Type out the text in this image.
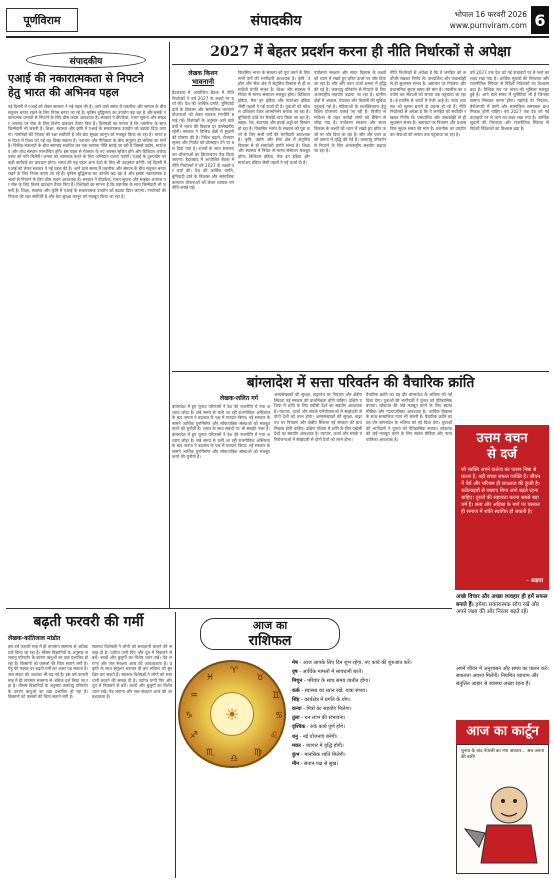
पूर्णविराम	संपादकीय	भोपाल 16 फरवरी 2026
www.purnviram.com 6
संपादकीय
एआई की नकारात्मकता से निपटने हेतु भारत की अभिनव पहल
नई दिल्ली में एआई को लेकर सरकार ने नई पहल की है। आने वाले समय में तकनीक और समाज के बीच संतुलन बनाए रखने के लिए नियम बनाए जा रहे हैं। कृत्रिम बुद्धिमत्ता का उपयोग बढ़ रहा है और इसके नकारात्मक प्रभावों से निपटने के लिए ठोस कदम आवश्यक हैं। सरकार ने डीपफेक, गलत सूचना और साइबर अपराध पर रोक के लिए विशेष प्रावधान तैयार किए हैं। विशेषज्ञों का मानना है कि तकनीक के साथ जिम्मेदारी भी जरूरी है। शिक्षा, स्वास्थ्य और कृषि में एआई के सकारात्मक उपयोग को बढ़ावा दिया जाएगा। नागरिकों की निजता की रक्षा सर्वोपरि है और डेटा सुरक्षा कानून को मजबूत किया जा रहा है। भारत इस दिशा में विश्व को नई राह दिखा सकता है। नवाचार और नैतिकता के बीच संतुलन ही भविष्य का मार्ग है। विभिन्न मंत्रालयों के बीच समन्वय स्थापित कर एक व्यापक नीति बनाई जा रही है जिससे उद्योग, स्टार्टअप और शोध संस्थान लाभान्वित होंगे। इस पहल से रोजगार के नए अवसर सृजित होंगे और डिजिटल अर्थव्यवस्था को गति मिलेगी। जनता को जागरूक करने के लिए अभियान चलाए जाएंगे। एआई के दुरुपयोग पर कड़ी कार्रवाई का प्रावधान होगा। भारत की यह पहल अन्य देशों के लिए भी उदाहरण बनेगी। नई दिल्ली में एआई को लेकर सरकार ने नई पहल की है। आने वाले समय में तकनीक और समाज के बीच संतुलन बनाए रखने के लिए नियम बनाए जा रहे हैं। कृत्रिम बुद्धिमत्ता का उपयोग बढ़ रहा है और इसके नकारात्मक प्रभावों से निपटने के लिए ठोस कदम आवश्यक हैं। सरकार ने डीपफेक, गलत सूचना और साइबर अपराध पर रोक के लिए विशेष प्रावधान तैयार किए हैं। विशेषज्ञों का मानना है कि तकनीक के साथ जिम्मेदारी भी जरूरी है। शिक्षा, स्वास्थ्य और कृषि में एआई के सकारात्मक उपयोग को बढ़ावा दिया जाएगा। नागरिकों की निजता की रक्षा सर्वोपरि है और डेटा सुरक्षा कानून को मजबूत किया जा रहा है।
2027 में बेहतर प्रदर्शन करना ही नीति निर्धारकों से अपेक्षा
लेखक किशन
भावनानी
हैदराबाद में आयोजित बैठक में नीति निर्धारकों ने वर्ष 2027 के लक्ष्यों पर चर्चा की। देश की आर्थिक प्रगति, बुनियादी ढांचे के विकास और सामाजिक कल्याण योजनाओं को लेकर व्यापक रणनीति बनाई गई। विशेषज्ञों के अनुसार आने वाले वर्षों में भारत की विकास दर उल्लेखनीय रहेगी। सरकार ने विभिन्न क्षेत्रों में सुधारों की घोषणा की है। निवेश बढ़ाने, रोजगार सृजन और निर्यात को प्रोत्साहन देने पर बल दिया गया है। राज्यों के साथ समन्वय कर योजनाओं का क्रियान्वयन तेज किया जाएगा। हैदराबाद में आयोजित बैठक में नीति निर्धारकों ने वर्ष 2027 के लक्ष्यों पर चर्चा की। देश की आर्थिक प्रगति, बुनियादी ढांचे के विकास और सामाजिक कल्याण योजनाओं को लेकर व्यापक रणनीति बनाई गई।
विकसित भारत के संकल्प को पूरा करने के लिए सभी वर्गों की भागीदारी आवश्यक है। कृषि, उद्योग और सेवा क्षेत्र में संतुलित विकास से ही समावेशी प्रगति संभव है। शिक्षा और स्वास्थ्य में निवेश से मानव संसाधन मजबूत होगा। डिजिटल इंडिया, मेक इन इंडिया और स्टार्टअप इंडिया जैसी पहलों ने नई ऊर्जा दी है। युवाओं को कौशल प्रशिक्षण देकर आत्मनिर्भर बनाया जा रहा है। बुनियादी ढांचे पर रिकॉर्ड व्यय किया जा रहा है। सड़क, रेल, बंदरगाह और हवाई अड्डों का विस्तार हो रहा है। विकसित भारत के संकल्प को पूरा करने के लिए सभी वर्गों की भागीदारी आवश्यक है। कृषि, उद्योग और सेवा क्षेत्र में संतुलित विकास से ही समावेशी प्रगति संभव है। शिक्षा और स्वास्थ्य में निवेश से मानव संसाधन मजबूत होगा। डिजिटल इंडिया, मेक इन इंडिया और स्टार्टअप इंडिया जैसी पहलों ने नई ऊर्जा दी है।
पर्यावरण संरक्षण और सतत विकास के लक्ष्यों को ध्यान में रखते हुए हरित ऊर्जा पर जोर दिया जा रहा है। सौर और पवन ऊर्जा क्षमता में वृद्धि की गई है। जलवायु परिवर्तन से निपटने के लिए अंतरराष्ट्रीय सहयोग बढ़ाया जा रहा है। ग्रामीण क्षेत्रों में आवास, पेयजल और बिजली की सुविधा पहुंचाई गई है। महिलाओं के सशक्तिकरण हेतु विशेष योजनाएं चलाई जा रही हैं। वित्तीय समावेशन के तहत करोड़ों लोगों को बैंकिंग से जोड़ा गया है। पर्यावरण संरक्षण और सतत विकास के लक्ष्यों को ध्यान में रखते हुए हरित ऊर्जा पर जोर दिया जा रहा है। सौर और पवन ऊर्जा क्षमता में वृद्धि की गई है। जलवायु परिवर्तन से निपटने के लिए अंतरराष्ट्रीय सहयोग बढ़ाया जा रहा है।
नीति निर्धारकों से अपेक्षा है कि वे जनहित को सर्वोपरि रखकर निर्णय लें। पारदर्शिता और जवाबदेही से ही सुशासन संभव है। भ्रष्टाचार पर नियंत्रण और प्रशासनिक सुधार समय की मांग है। तकनीक का उपयोग कर सेवाओं को जनता तक पहुंचाया जा रहा है। ई-गवर्नेंस से कार्यों में तेजी आई है। न्याय व्यवस्था को सुलभ बनाने के प्रयास हो रहे हैं। नीति निर्धारकों से अपेक्षा है कि वे जनहित को सर्वोपरि रखकर निर्णय लें। पारदर्शिता और जवाबदेही से ही सुशासन संभव है। भ्रष्टाचार पर नियंत्रण और प्रशासनिक सुधार समय की मांग है। तकनीक का उपयोग कर सेवाओं को जनता तक पहुंचाया जा रहा है।
वर्ष 2027 तक देश को नई ऊंचाइयों पर ले जाने का लक्ष्य रखा गया है। आर्थिक सुधारों की निरंतरता और राजनीतिक स्थिरता से विदेशी निवेशकों का विश्वास बढ़ा है। वैश्विक मंच पर भारत की भूमिका मजबूत हुई है। आने वाले समय में चुनौतियां भी हैं जिनका सामना मिलकर करना होगा। महंगाई पर नियंत्रण, बेरोजगारी में कमी और सामाजिक समरसता प्राथमिकता होनी चाहिए। वर्ष 2027 तक देश को नई ऊंचाइयों पर ले जाने का लक्ष्य रखा गया है। आर्थिक सुधारों की निरंतरता और राजनीतिक स्थिरता से विदेशी निवेशकों का विश्वास बढ़ा है।
बांग्लादेश में सत्ता परिवर्तन की वैचारिक क्रांति
लेखक-ललित गर्ग
बांग्लादेश में हुए चुनाव परिणामों ने देश की राजनीति में नया अध्याय जोड़ा है। लंबे समय से चली आ रही राजनीतिक अस्थिरता के बाद जनता ने बदलाव के पक्ष में मतदान किया। नई सरकार के सामने आर्थिक पुनर्निर्माण और लोकतांत्रिक संस्थाओं को मजबूत करने की चुनौती है। भारत के साथ संबंधों पर भी सबकी नजर है। बांग्लादेश में हुए चुनाव परिणामों ने देश की राजनीति में नया अध्याय जोड़ा है। लंबे समय से चली आ रही राजनीतिक अस्थिरता के बाद जनता ने बदलाव के पक्ष में मतदान किया। नई सरकार के सामने आर्थिक पुनर्निर्माण और लोकतांत्रिक संस्थाओं को मजबूत करने की चुनौती है।
अल्पसंख्यकों की सुरक्षा, कट्टरपंथ पर नियंत्रण और क्षेत्रीय स्थिरता नई सरकार की प्राथमिकता होनी चाहिए। दक्षिण एशिया में शांति के लिए पड़ोसी देशों का सहयोग आवश्यक है। व्यापार, ऊर्जा और संपर्क परियोजनाओं में साझेदारी से दोनों देशों को लाभ होगा। अल्पसंख्यकों की सुरक्षा, कट्टरपंथ पर नियंत्रण और क्षेत्रीय स्थिरता नई सरकार की प्राथमिकता होनी चाहिए। दक्षिण एशिया में शांति के लिए पड़ोसी देशों का सहयोग आवश्यक है। व्यापार, ऊर्जा और संपर्क परियोजनाओं में साझेदारी से दोनों देशों को लाभ होगा।
वैचारिक क्रांति का यह दौर बांग्लादेश के भविष्य को नई दिशा देगा। युवाओं की भागीदारी ने चुनाव को ऐतिहासिक बनाया। लोकतंत्र की जड़ें मजबूत करने के लिए स्वतंत्र मीडिया और न्यायपालिका आवश्यक है। आर्थिक विकास के साथ सामाजिक न्याय भी जरूरी है। वैचारिक क्रांति का यह दौर बांग्लादेश के भविष्य को नई दिशा देगा। युवाओं की भागीदारी ने चुनाव को ऐतिहासिक बनाया। लोकतंत्र की जड़ें मजबूत करने के लिए स्वतंत्र मीडिया और न्यायपालिका आवश्यक है।	उत्तम वचन
से दर्ज
जो व्यक्ति अपने कर्तव्य का पालन निष्ठा से करता है, वही सच्चा सफल व्यक्ति है। जीवन में धैर्य और परिश्रम ही सफलता की कुंजी है। कठिनाइयों से घबराए बिना आगे बढ़ते रहना चाहिए। दूसरों की सहायता करना सबसे बड़ा धर्म है। सत्य और अहिंसा के मार्ग पर चलकर ही समाज में शांति स्थापित हो सकती है।
- अज्ञात
अच्छे विचार और अच्छा व्यवहार ही हमें सफल बनाते हैं। हमेशा सकारात्मक सोच रखें और अपने लक्ष्य की ओर निरंतर बढ़ते रहें।
बढ़ती फरवरी की गर्मी
लेखक-कांतिलाल मांडोत
इस वर्ष फरवरी माह में ही तापमान सामान्य से अधिक दर्ज किया जा रहा है। मौसम विज्ञानियों के अनुसार जलवायु परिवर्तन के कारण ऋतुओं का चक्र प्रभावित हो रहा है। किसानों को फसलों की चिंता सताने लगी है। गेहूं की फसल पर बढ़ती गर्मी का असर पड़ सकता है। जल संकट की आशंका भी बढ़ गई है। इस वर्ष फरवरी माह में ही तापमान सामान्य से अधिक दर्ज किया जा रहा है। मौसम विज्ञानियों के अनुसार जलवायु परिवर्तन के कारण ऋतुओं का चक्र प्रभावित हो रहा है। किसानों को फसलों की चिंता सताने लगी है।
स्वास्थ्य विशेषज्ञों ने लोगों को सावधानी बरतने की सलाह दी है। पर्याप्त पानी पिएं और धूप में निकलने से बचें। बच्चों और बुजुर्गों का विशेष ध्यान रखें। पेड़ लगाना और जल संरक्षण आज की आवश्यकता है। प्रकृति के साथ संतुलन बनाकर ही हम भविष्य को सुरक्षित कर सकते हैं। स्वास्थ्य विशेषज्ञों ने लोगों को सावधानी बरतने की सलाह दी है। पर्याप्त पानी पिएं और धूप में निकलने से बचें। बच्चों और बुजुर्गों का विशेष ध्यान रखें। पेड़ लगाना और जल संरक्षण आज की आवश्यकता है।
आज का
राशिफल
♈
♉
♊
♋
♌
♍
♎
♏
♐
♑
♒
♓
☀
मेष - आज आपके लिए दिन शुभ रहेगा, नए कार्य की शुरुआत करें।
वृष - आर्थिक मामलों में सावधानी बरतें।
मिथुन - परिवार के साथ समय व्यतीत होगा।
कर्क - स्वास्थ्य का ध्यान रखें, यात्रा संभव।
सिंह - कार्यक्षेत्र में प्रगति के योग।
कन्या - मित्रों का सहयोग मिलेगा।
तुला - धन लाभ की संभावना।
वृश्चिक - रुके कार्य पूर्ण होंगे।
धनु - नई योजनाएं बनेंगी।
मकर - व्यापार में वृद्धि होगी।
कुंभ - मानसिक शांति मिलेगी।
मीन - संतान पक्ष से सुख।
अपने जीवन में अनुशासन और समय का पालन करें। सफलता अवश्य मिलेगी। नियमित व्यायाम और संतुलित आहार से स्वास्थ्य अच्छा रहता है।
आज का कार्टून
चुनाव के बाद नेताजी का नया अवतार... अब जनता की बारी!
